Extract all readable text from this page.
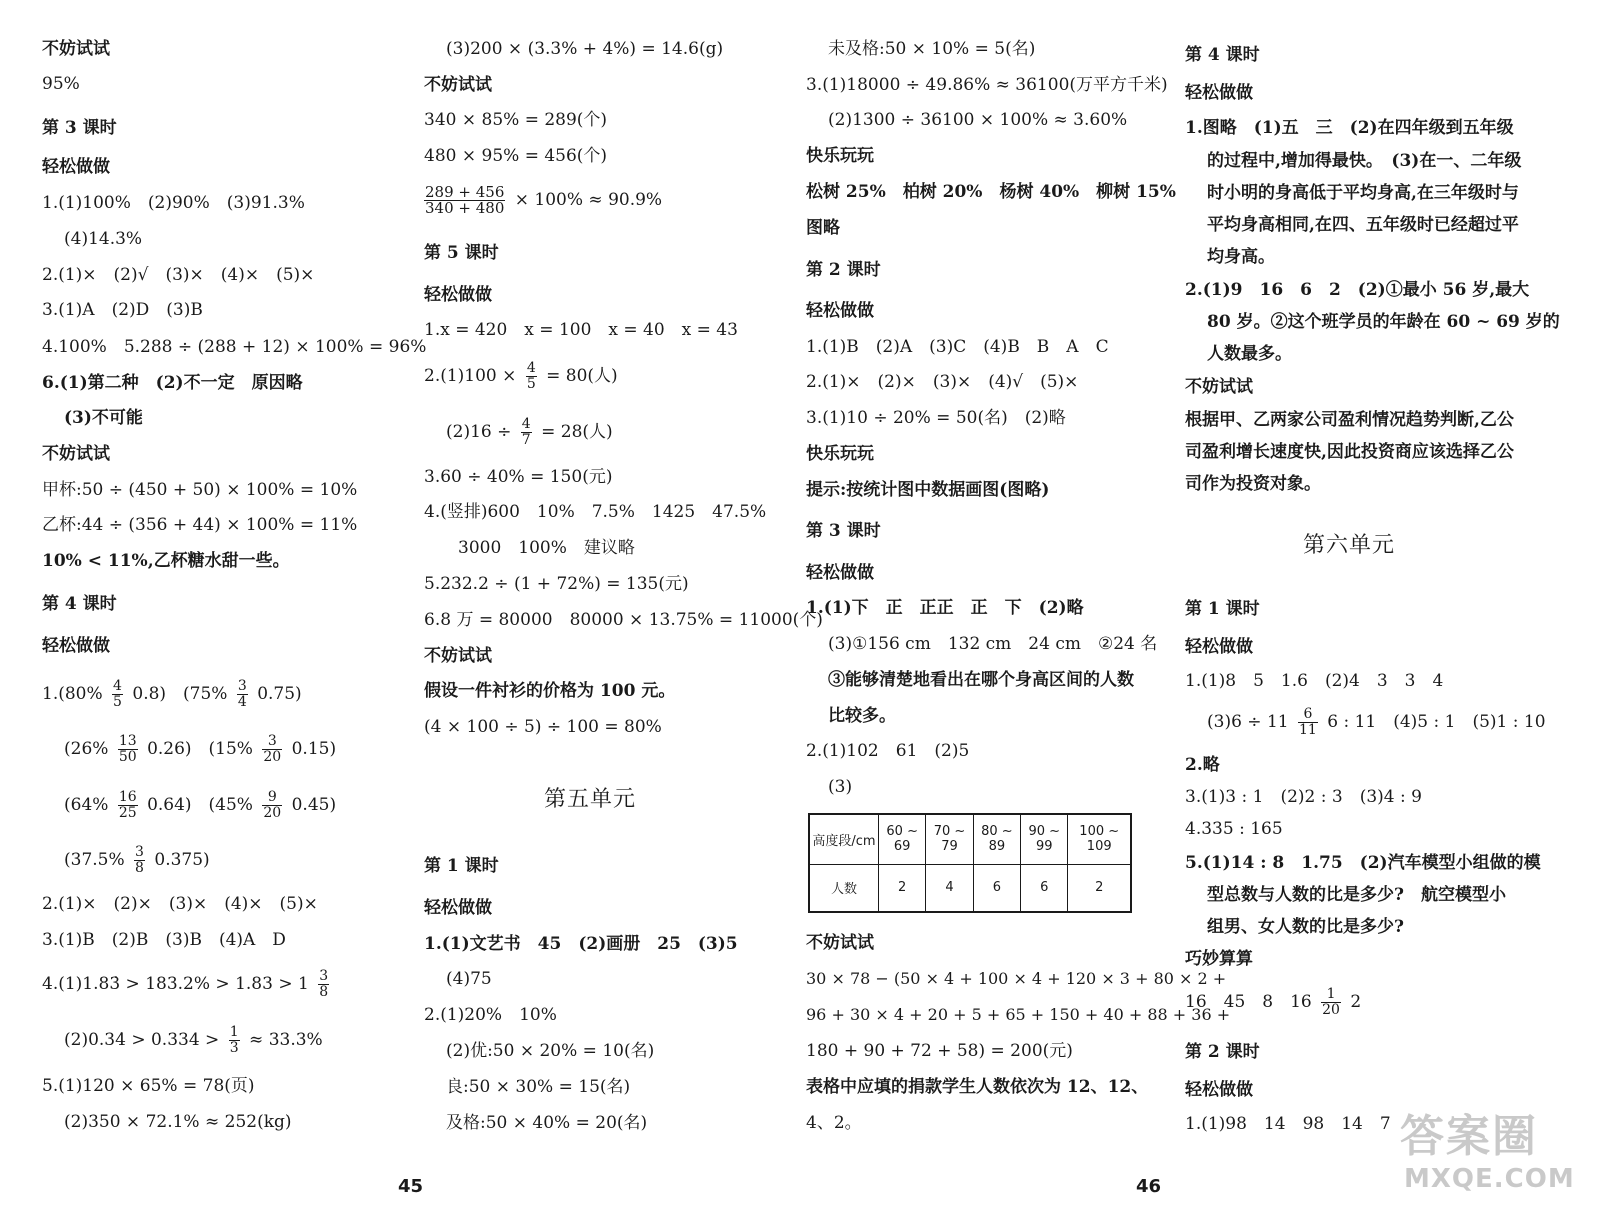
不妨试试
95%
第 3 课时
轻松做做
1.(1)100%　(2)90%　(3)91.3%
(4)14.3%
2.(1)×　(2)√　(3)×　(4)×　(5)×
3.(1)A　(2)D　(3)B
4.100%　5.288 ÷ (288 + 12) × 100% = 96%
6.(1)第二种　(2)不一定　原因略
(3)不可能
不妨试试
甲杯:50 ÷ (450 + 50) × 100% = 10%
乙杯:44 ÷ (356 + 44) × 100% = 11%
10% < 11%,乙杯糖水甜一些。
第 4 课时
轻松做做
$1.(80\% \frac{4}{5} 0.8)$　$(75\% \frac{3}{4} 0.75)$
$(26\% \frac{13}{50} 0.26)$　$(15\% \frac{3}{20} 0.15)$
$(64\% \frac{16}{25} 0.64)$　$(45\% \frac{9}{20} 0.45)$
$(37.5\% \frac{3}{8} 0.375)$
2.(1)×　(2)×　(3)×　(4)×　(5)×
3.(1)B　(2)B　(3)B　(4)A　D
4.(1)1.83̇ > $183.2\% > 1.83 > 1 \frac{3}{8}$
(2)0.34̇ > $0.334 > \frac{1}{3} \approx 33.3\%$
5.(1)120 × 65% = 78(页)
(2)350 × 72.1% ≈ 252(kg)
(3)200 × (3.3% + 4%) = 14.6(g)
不妨试试
340 × 85% = 289(个)
480 × 95% = 456(个)
$\frac{289 + 456}{340 + 480} \times 100\% \approx 90.9\%$
第 5 课时
轻松做做
1.x = 420　x = 100　x = 40　x = 43
$2.(1)100 \times \frac{4}{5} = 80$(人)
$(2)16 \div \frac{4}{7} = 28$(人)
3.60 ÷ 40% = 150(元)
4.(竖排)600　10%　7.5%　1425　47.5%
3000　100%　建议略
5.232.2 ÷ (1 + 72%) = 135(元)
6.8 万 = 80000　80000 × 13.75% = 11000(个)
不妨试试
假设一件衬衫的价格为 100 元。
(4 × 100 ÷ 5) ÷ 100 = 80%
第五单元
第 1 课时
轻松做做
1.(1)文艺书　45　(2)画册　25　(3)5
(4)75
2.(1)20%　10%
(2)优:50 × 20% = 10(名)
良:50 × 30% = 15(名)
及格:50 × 40% = 20(名)
未及格:50 × 10% = 5(名)
3.(1)18000 ÷ 49.86% ≈ 36100(万平方千米)
(2)1300 ÷ 36100 × 100% ≈ 3.60%
快乐玩玩
松树 25%　柏树 20%　杨树 40%　柳树 15%
图略
第 2 课时
轻松做做
1.(1)B　(2)A　(3)C　(4)B　B　A　C
2.(1)×　(2)×　(3)×　(4)√　(5)×
3.(1)10 ÷ 20% = 50(名)　(2)略
快乐玩玩
提示:按统计图中数据画图(图略)
第 3 课时
轻松做做
1.(1)下　正　正正　正　下　(2)略
(3)①156 cm　132 cm　24 cm　②24 名
③能够清楚地看出在哪个身高区间的人数
比较多。
2.(1)102　61　(2)5
(3)
高度段/cm	60 ~ 69	70 ~ 79	80 ~ 89	90 ~ 99	100 ~ 109
人数	2	4	6	6	2
不妨试试
30 × 78 − (50 × 4 + 100 × 4 + 120 × 3 + 80 × 2 +
96 + 30 × 4 + 20 + 5 + 65 + 150 + 40 + 88 + 36 +
180 + 90 + 72 + 58) = 200(元)
表格中应填的捐款学生人数依次为 12、12、
4、2。
第 4 课时
轻松做做
1.图略　(1)五　三　(2)在四年级到五年级
的过程中,增加得最快。　(3)在一、二年级
时小明的身高低于平均身高,在三年级时与
平均身高相同,在四、五年级时已经超过平
均身高。
2.(1)9　16　6　2　(2)①最小 56 岁,最大
80 岁。②这个班学员的年龄在 60 ~ 69 岁的
人数最多。
不妨试试
根据甲、乙两家公司盈利情况趋势判断,乙公
司盈利增长速度快,因此投资商应该选择乙公
司作为投资对象。
第六单元
第 1 课时
轻松做做
1.(1)8　5　1.6　(2)4　3　3　4
$(3)6 \div 11 \frac{6}{11} 6$ : 11　(4)5 : 1　(5)1 : 10
2.略
3.(1)3 : 1　(2)2 : 3　(3)4 : 9
4.335 : 165
5.(1)14 : 8　1.75　(2)汽车模型小组做的模
型总数与人数的比是多少?　航空模型小
组男、女人数的比是多少?
巧妙算算
16　45　8　$16 \frac{1}{20} 2$
第 2 课时
轻松做做
1.(1)98　14　98　14　7
45	46
答案圈
MXQE.COM
